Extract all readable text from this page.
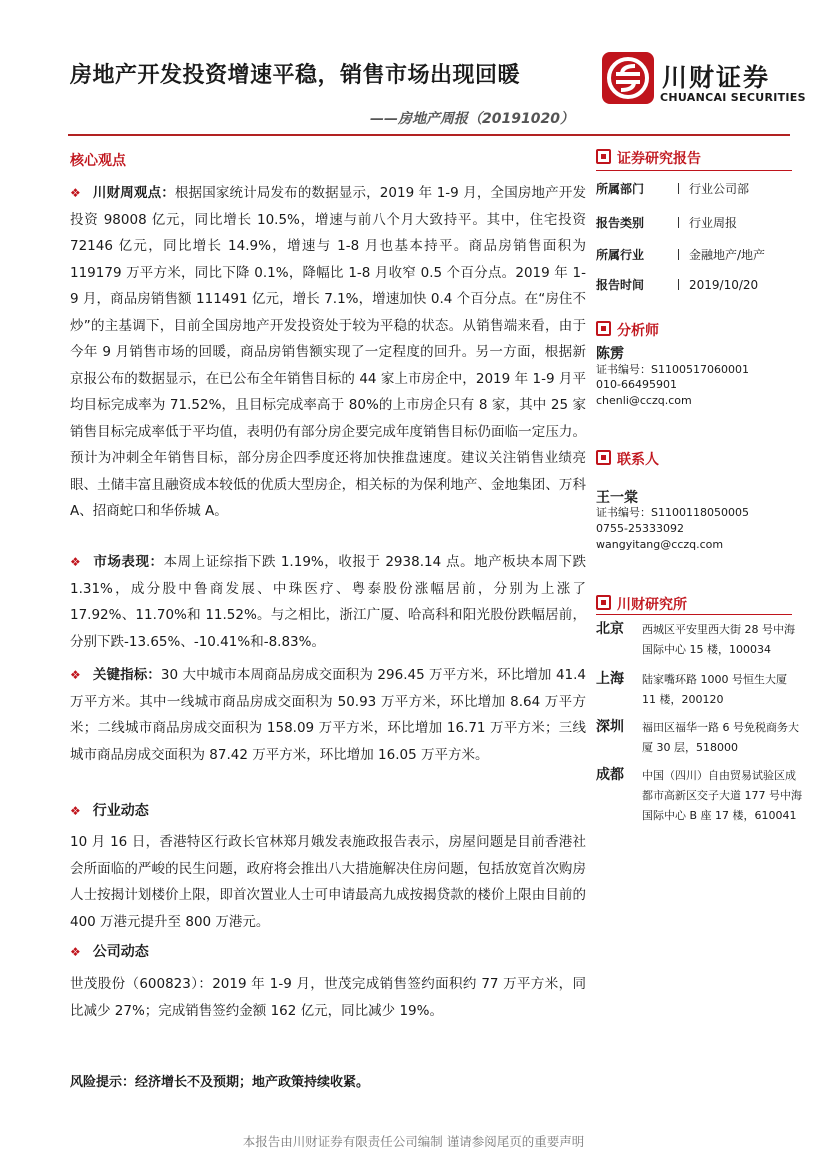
房地产开发投资增速平稳，销售市场出现回暖
——房地产周报（20191020）
川财证券
CHUANCAI SECURITIES
核心观点
❖ 川财周观点：根据国家统计局发布的数据显示，2019 年 1-9 月，全国房地产开发投资 98008 亿元，同比增长 10.5%，增速与前八个月大致持平。其中，住宅投资 72146 亿元，同比增长 14.9%，增速与 1-8 月也基本持平。商品房销售面积为 119179 万平方米，同比下降 0.1%，降幅比 1-8 月收窄 0.5 个百分点。2019 年 1-9 月，商品房销售额 111491 亿元，增长 7.1%，增速加快 0.4 个百分点。在“房住不炒”的主基调下，目前全国房地产开发投资处于较为平稳的状态。从销售端来看，由于今年 9 月销售市场的回暖，商品房销售额实现了一定程度的回升。另一方面，根据新京报公布的数据显示，在已公布全年销售目标的 44 家上市房企中，2019 年 1-9 月平均目标完成率为 71.52%，且目标完成率高于 80%的上市房企只有 8 家，其中 25 家销售目标完成率低于平均值，表明仍有部分房企要完成年度销售目标仍面临一定压力。预计为冲刺全年销售目标，部分房企四季度还将加快推盘速度。建议关注销售业绩亮眼、土储丰富且融资成本较低的优质大型房企，相关标的为保利地产、金地集团、万科 A、招商蛇口和华侨城 A。
❖ 市场表现：本周上证综指下跌 1.19%，收报于 2938.14 点。地产板块本周下跌 1.31%，成分股中鲁商发展、中珠医疗、粤泰股份涨幅居前，分别为上涨了 17.92%、11.70%和 11.52%。与之相比，浙江广厦、哈高科和阳光股份跌幅居前，分别下跌-13.65%、-10.41%和-8.83%。
❖ 关键指标：30 大中城市本周商品房成交面积为 296.45 万平方米，环比增加 41.4 万平方米。其中一线城市商品房成交面积为 50.93 万平方米，环比增加 8.64 万平方米；二线城市商品房成交面积为 158.09 万平方米，环比增加 16.71 万平方米；三线城市商品房成交面积为 87.42 万平方米，环比增加 16.05 万平方米。
❖ 行业动态
10 月 16 日，香港特区行政长官林郑月娥发表施政报告表示，房屋问题是目前香港社会所面临的严峻的民生问题，政府将会推出八大措施解决住房问题，包括放宽首次购房人士按揭计划楼价上限，即首次置业人士可申请最高九成按揭贷款的楼价上限由目前的 400 万港元提升至 800 万港元。
❖ 公司动态
世茂股份（600823）：2019 年 1-9 月，世茂完成销售签约面积约 77 万平方米，同比减少 27%；完成销售签约金额 162 亿元，同比减少 19%。
风险提示：经济增长不及预期；地产政策持续收紧。
证券研究报告
所属部门	行业公司部
报告类别	行业周报
所属行业	金融地产/地产
报告时间	2019/10/20
分析师
陈雳
证书编号：S1100517060001
010-66495901
chenli@cczq.com
联系人
王一棠
证书编号：S1100118050005
0755-25333092
wangyitang@cczq.com
川财研究所
北京 西城区平安里西大街 28 号中海国际中心 15 楼，100034
上海 陆家嘴环路 1000 号恒生大厦 11 楼，200120
深圳 福田区福华一路 6 号免税商务大厦 30 层，518000
成都 中国（四川）自由贸易试验区成都市高新区交子大道 177 号中海国际中心 B 座 17 楼，610041
本报告由川财证券有限责任公司编制 谨请参阅尾页的重要声明
